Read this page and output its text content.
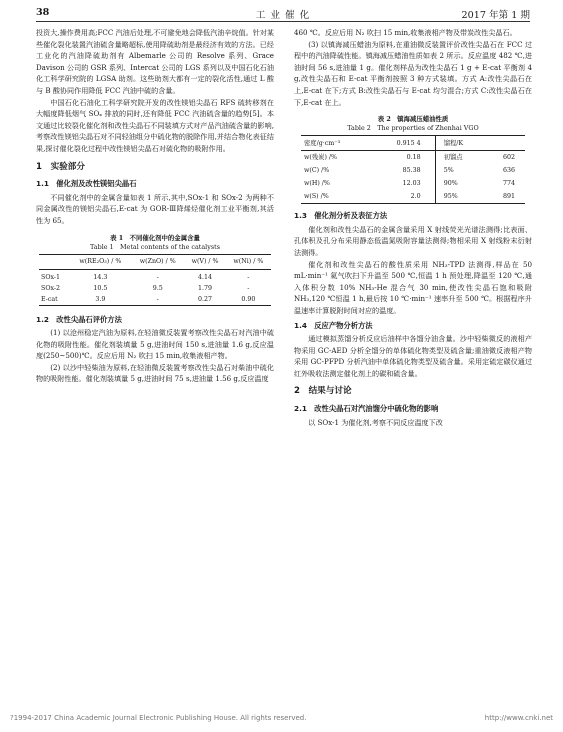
38	工 业 催 化	2017 年第 1 期

投资大,操作费用高;FCC 汽油后处理,不可避免地会降低汽油辛烷值。针对某些催化裂化装置汽油硫含量略超标,使用降硫助剂是最经济有效的方法。已经工业化的汽油降硫助剂有 Albemarle 公司的 Resolve 系列、Grace Davison 公司的 GSR 系列、Intercat 公司的 LGS 系列以及中国石化石油化工科学研究院的 LGSA 助剂。这些助剂大都有一定的裂化活性,通过 L 酸与 B 酸协同作用降低 FCC 汽油中硫的含量。

中国石化石油化工科学研究院开发的改性镁铝尖晶石 RFS 硫转移剂在大幅度降低烟气 SOₓ 排放的同时,还有降低 FCC 汽油硫含量的趋势[5]。本文通过比较裂化催化剂和改性尖晶石不同装填方式对产品汽油硫含量的影响,考察改性镁铝尖晶石对不同轻油组分中硫化物的脱除作用,并结合物化表征结果,探讨催化裂化过程中改性镁铝尖晶石对硫化物的吸附作用。

1　实验部分
1.1　催化剂及改性镁铝尖晶石

不同催化剂中的金属含量如表 1 所示,其中,SOx-1 和 SOx-2 为两种不同金属改性的镁铝尖晶石,E-cat 为 GOR-Ⅲ降烯烃催化剂工业平衡剂,其活性为 65。

表 1　不同催化剂中的金属含量
Table 1　Metal contents of the catalysts
	w(RE₂O₃) / %	w(ZnO) / %	w(V) / %	w(Ni) / %
SOx-1	14.3	-	4.14	-
SOx-2	10.5	9.5	1.79	-
E-cat	3.9	-	0.27	0.90
1.2　改性尖晶石评价方法

(1) 以沧州稳定汽油为原料,在轻油微反装置考察改性尖晶石对汽油中硫化物的吸附性能。催化剂装填量 5 g,进油时间 150 s,进油量 1.6 g,反应温度(250~500)℃。反应后用 N₂ 吹扫 15 min,收集液相产物。

(2) 以沙中轻柴油为原料,在轻油微反装置考察改性尖晶石对柴油中硫化物的吸附性能。催化剂装填量 5 g,进油时间 75 s,进油量 1.56 g,反应温度

460 ℃。反应后用 N₂ 吹扫 15 min,收集液相产物及带炭改性尖晶石。

(3) 以镇海减压蜡油为原料,在重油微反装置评价改性尖晶石在 FCC 过程中的汽油降硫性能。镇海减压蜡油性质如表 2 所示。反应温度 482 ℃,进油时间 56 s,进油量 1 g。催化剂样品为改性尖晶石 1 g + E-cat 平衡剂 4 g,改性尖晶石和 E-cat 平衡剂按照 3 种方式装填。方式 A:改性尖晶石在上,E-cat 在下;方式 B:改性尖晶石与 E-cat 均匀混合;方式 C:改性尖晶石在下,E-cat 在上。

表 2　镇海减压蜡油性质
Table 2　The properties of Zhenhai VGO
密度/g·cm⁻³	0.915 4	馏程/K	
w(残炭) /%	0.18	初馏点	602
w(C) /%	85.38	5%	636
w(H) /%	12.03	90%	774
w(S) /%	2.0	95%	891
1.3　催化剂分析及表征方法

催化剂和改性尖晶石的金属含量采用 X 射线荧光光谱法测得;比表面、孔体积及孔分布采用静态低温氮吸附容量法测得;物相采用 X 射线粉末衍射法测得。

催化剂和改性尖晶石的酸性质采用 NH₃-TPD 法测得,样品在 50 mL·min⁻¹ 氦气吹扫下升温至 500 ℃,恒温 1 h 预处理,降温至 120 ℃,通入体积分数 10% NH₃-He 混合气 30 min,使改性尖晶石饱和吸附 NH₃,120 ℃恒温 1 h,最后按 10 ℃·min⁻¹ 速率升至 500 ℃。根据程序升温速率计算脱附时间对应的温度。

1.4　反应产物分析方法

通过模拟蒸馏分析反应后油样中各馏分油含量。沙中轻柴微反的液相产物采用 GC-AED 分析全馏分的单体硫化物类型及硫含量;重油微反液相产物采用 GC-PFPD 分析汽油中单体硫化物类型及硫含量。采用定硫定碳仪通过红外吸收法测定催化剂上的碳和硫含量。

2　结果与讨论
2.1　改性尖晶石对汽油馏分中硫化物的影响

以 SOx-1 为催化剂,考察不同反应温度下改

?1994-2017 China Academic Journal Electronic Publishing House. All rights reserved.	http://www.cnki.net
